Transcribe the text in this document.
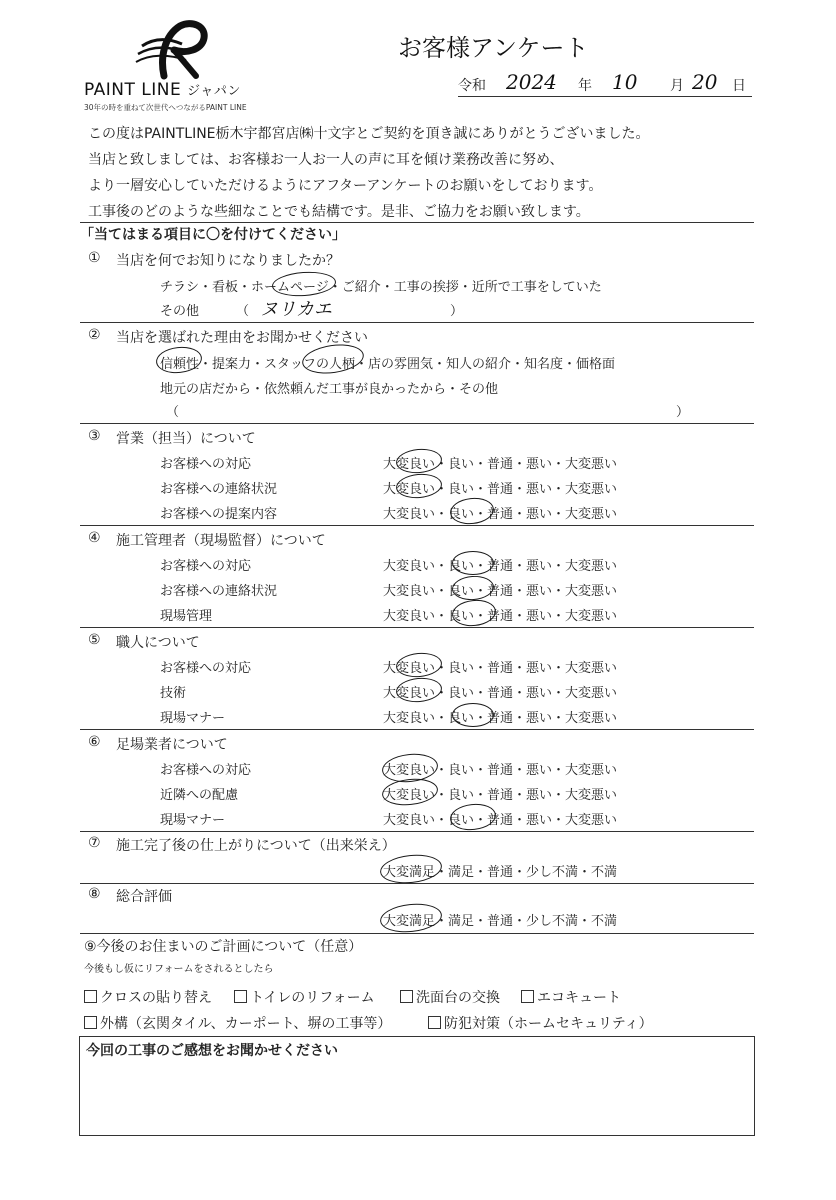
PAINT LINE ジャパン
30年の時を重ねて次世代へつながるPAINT LINE
お客様アンケート
令和 2024 年 10 月 20 日
この度はPAINTLINE栃木宇都宮店㈱十文字とご契約を頂き誠にありがとうございました。
当店と致しましては、お客様お一人お一人の声に耳を傾け業務改善に努め、
より一層安心していただけるようにアフターアンケートのお願いをしております。
工事後のどのような些細なことでも結構です。是非、ご協力をお願い致します。
「当てはまる項目に〇を付けてください」
① 当店を何でお知りになりましたか？
チラシ・看板・ホームページ・ご紹介・工事の挨拶・近所で工事をしていた
その他	（ ヌリカエ	）
② 当店を選ばれた理由をお聞かせください
信頼性・提案力・スタッフの人柄・店の雰囲気・知人の紹介・知名度・価格面
地元の店だから・依然頼んだ工事が良かったから・その他
（	）
③ 営業（担当）について
お客様への対応	大変良い・良い・普通・悪い・大変悪い
お客様への連絡状況	大変良い・良い・普通・悪い・大変悪い
お客様への提案内容	大変良い・良い・普通・悪い・大変悪い
④ 施工管理者（現場監督）について
お客様への対応	大変良い・良い・普通・悪い・大変悪い
お客様への連絡状況	大変良い・良い・普通・悪い・大変悪い
現場管理	大変良い・良い・普通・悪い・大変悪い
⑤ 職人について
お客様への対応	大変良い・良い・普通・悪い・大変悪い
技術	大変良い・良い・普通・悪い・大変悪い
現場マナー	大変良い・良い・普通・悪い・大変悪い
⑥ 足場業者について
お客様への対応	大変良い・良い・普通・悪い・大変悪い
近隣への配慮	大変良い・良い・普通・悪い・大変悪い
現場マナー	大変良い・良い・普通・悪い・大変悪い
⑦ 施工完了後の仕上がりについて（出来栄え）
大変満足・満足・普通・少し不満・不満
⑧ 総合評価
大変満足・満足・普通・少し不満・不満
⑨今後のお住まいのご計画について（任意）
今後もし仮にリフォームをされるとしたら
クロスの貼り替え	トイレのリフォーム	洗面台の交換	エコキュート
外構（玄関タイル、カーポート、塀の工事等）	防犯対策（ホームセキュリティ）
今回の工事のご感想をお聞かせください
